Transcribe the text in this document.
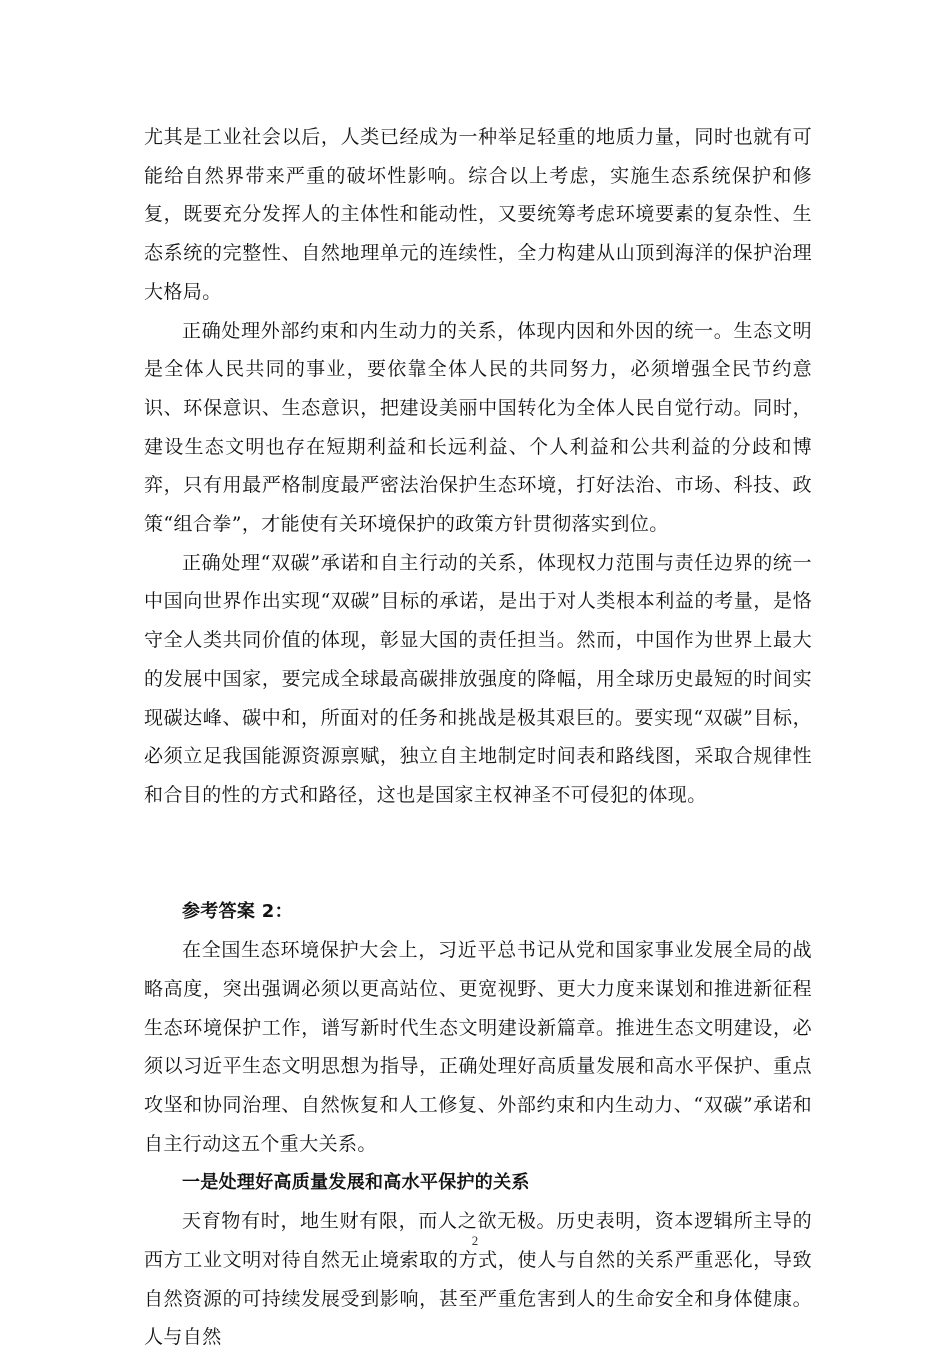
尤其是工业社会以后，人类已经成为一种举足轻重的地质力量，同时也就有可能给自然界带来严重的破坏性影响。综合以上考虑，实施生态系统保护和修复，既要充分发挥人的主体性和能动性，又要统筹考虑环境要素的复杂性、生态系统的完整性、自然地理单元的连续性，全力构建从山顶到海洋的保护治理大格局。

正确处理外部约束和内生动力的关系，体现内因和外因的统一。生态文明是全体人民共同的事业，要依靠全体人民的共同努力，必须增强全民节约意识、环保意识、生态意识，把建设美丽中国转化为全体人民自觉行动。同时，建设生态文明也存在短期利益和长远利益、个人利益和公共利益的分歧和博弈，只有用最严格制度最严密法治保护生态环境，打好法治、市场、科技、政策“组合拳”，才能使有关环境保护的政策方针贯彻落实到位。

正确处理“双碳”承诺和自主行动的关系，体现权力范围与责任边界的统一中国向世界作出实现“双碳”目标的承诺，是出于对人类根本利益的考量，是恪守全人类共同价值的体现，彰显大国的责任担当。然而，中国作为世界上最大的发展中国家，要完成全球最高碳排放强度的降幅，用全球历史最短的时间实现碳达峰、碳中和，所面对的任务和挑战是极其艰巨的。要实现“双碳”目标，必须立足我国能源资源禀赋，独立自主地制定时间表和路线图，采取合规律性和合目的性的方式和路径，这也是国家主权神圣不可侵犯的体现。

参考答案 2：

在全国生态环境保护大会上，习近平总书记从党和国家事业发展全局的战略高度，突出强调必须以更高站位、更宽视野、更大力度来谋划和推进新征程生态环境保护工作，谱写新时代生态文明建设新篇章。推进生态文明建设，必须以习近平生态文明思想为指导，正确处理好高质量发展和高水平保护、重点攻坚和协同治理、自然恢复和人工修复、外部约束和内生动力、“双碳”承诺和自主行动这五个重大关系。

一是处理好高质量发展和高水平保护的关系

天育物有时，地生财有限，而人之欲无极。历史表明，资本逻辑所主导的西方工业文明对待自然无止境索取的方式，使人与自然的关系严重恶化，导致自然资源的可持续发展受到影响，甚至严重危害到人的生命安全和身体健康。人与自然

2
